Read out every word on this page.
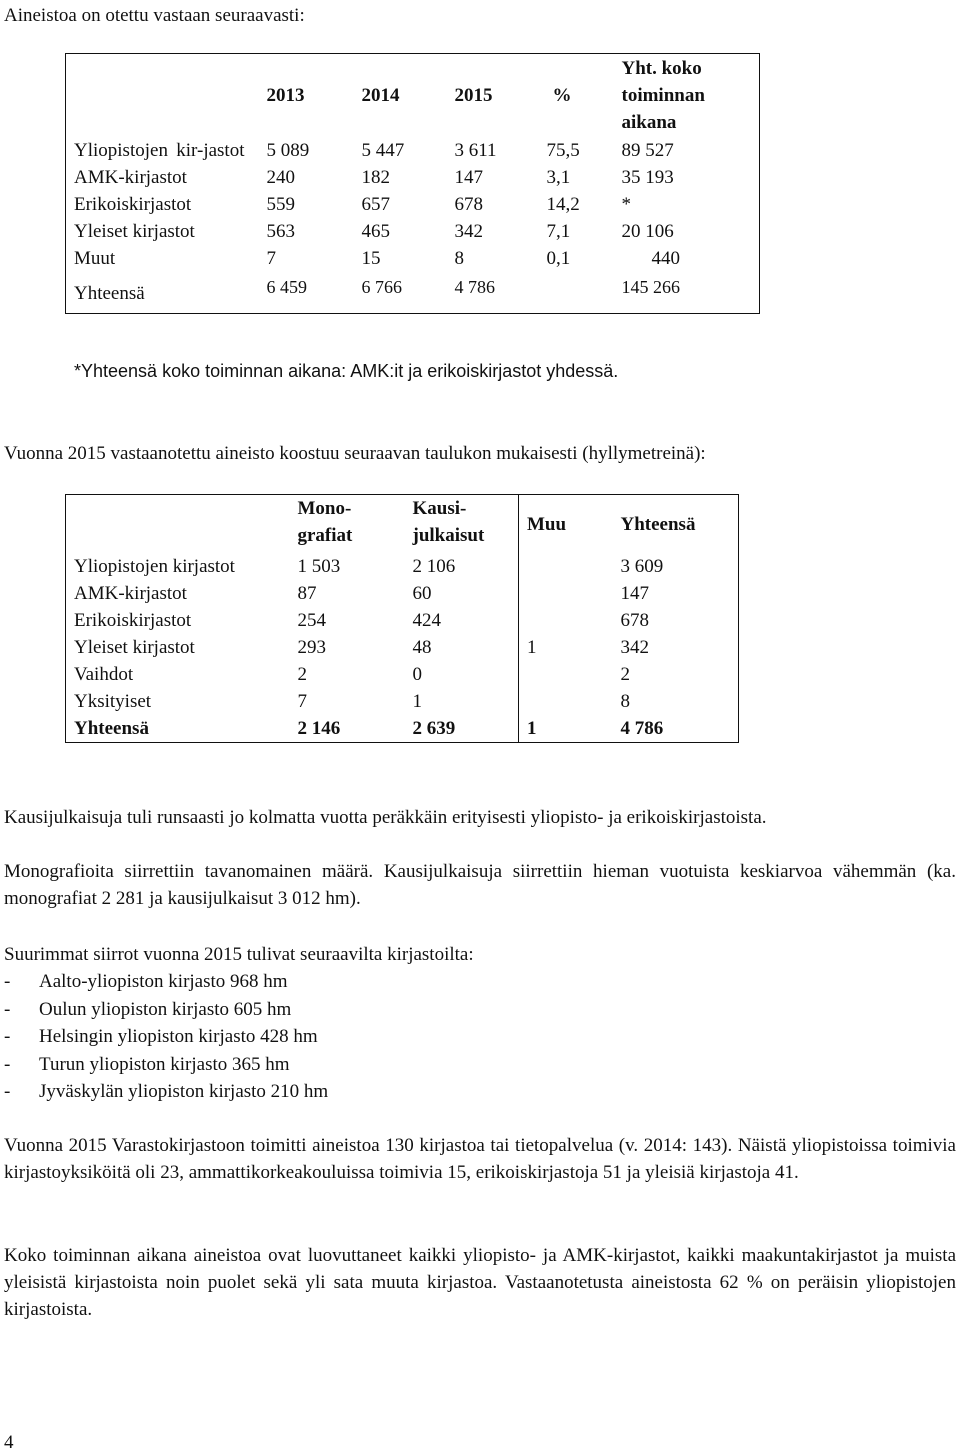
Aineistoa on otettu vastaan seuraavasti:

	2013	2014	2015	%	Yht. koko toiminnan aikana

Yliopistojen kir-jastot	5 089	5 447	3 611	75,5	89 527
AMK-kirjastot	240	182	147	3,1	35 193
Erikoiskirjastot	559	657	678	14,2	*
Yleiset kirjastot	563	465	342	7,1	20 106
Muut	7	15	8	0,1	440
Yhteensä	6 459	6 766	4 786		145 266
*Yhteensä koko toiminnan aikana: AMK:it ja erikoiskirjastot yhdessä.

Vuonna 2015 vastaanotettu aineisto koostuu seuraavan taulukon mukaisesti (hyllymetreinä):

	Mono-grafiat	Kausi-julkaisut	Muu	Yhteensä
Yliopistojen kirjastot	1 503	2 106		3 609
AMK-kirjastot	87	60		147
Erikoiskirjastot	254	424		678
Yleiset kirjastot	293	48	1	342
Vaihdot	2	0		2
Yksityiset	7	1		8
Yhteensä	2 146	2 639	1	4 786

Kausijulkaisuja tuli runsaasti jo kolmatta vuotta peräkkäin erityisesti yliopisto- ja erikoiskirjastoista.

Monografioita siirrettiin tavanomainen määrä. Kausijulkaisuja siirrettiin hieman vuotuista keskiarvoa vähemmän (ka. monografiat 2 281 ja kausijulkaisut 3 012 hm).

Suurimmat siirrot vuonna 2015 tulivat seuraavilta kirjastoilta:

- Aalto-yliopiston kirjasto 968 hm
- Oulun yliopiston kirjasto 605 hm
- Helsingin yliopiston kirjasto 428 hm
- Turun yliopiston kirjasto 365 hm
- Jyväskylän yliopiston kirjasto 210 hm

Vuonna 2015 Varastokirjastoon toimitti aineistoa 130 kirjastoa tai tietopalvelua (v. 2014: 143). Näistä yliopistoissa toimivia kirjastoyksiköitä oli 23, ammattikorkeakouluissa toimivia 15, erikoiskirjastoja 51 ja yleisiä kirjastoja 41.

Koko toiminnan aikana aineistoa ovat luovuttaneet kaikki yliopisto- ja AMK-kirjastot, kaikki maakuntakirjastot ja muista yleisistä kirjastoista noin puolet sekä yli sata muuta kirjastoa. Vastaanotetusta aineistosta 62 % on peräisin yliopistojen kirjastoista.

4
